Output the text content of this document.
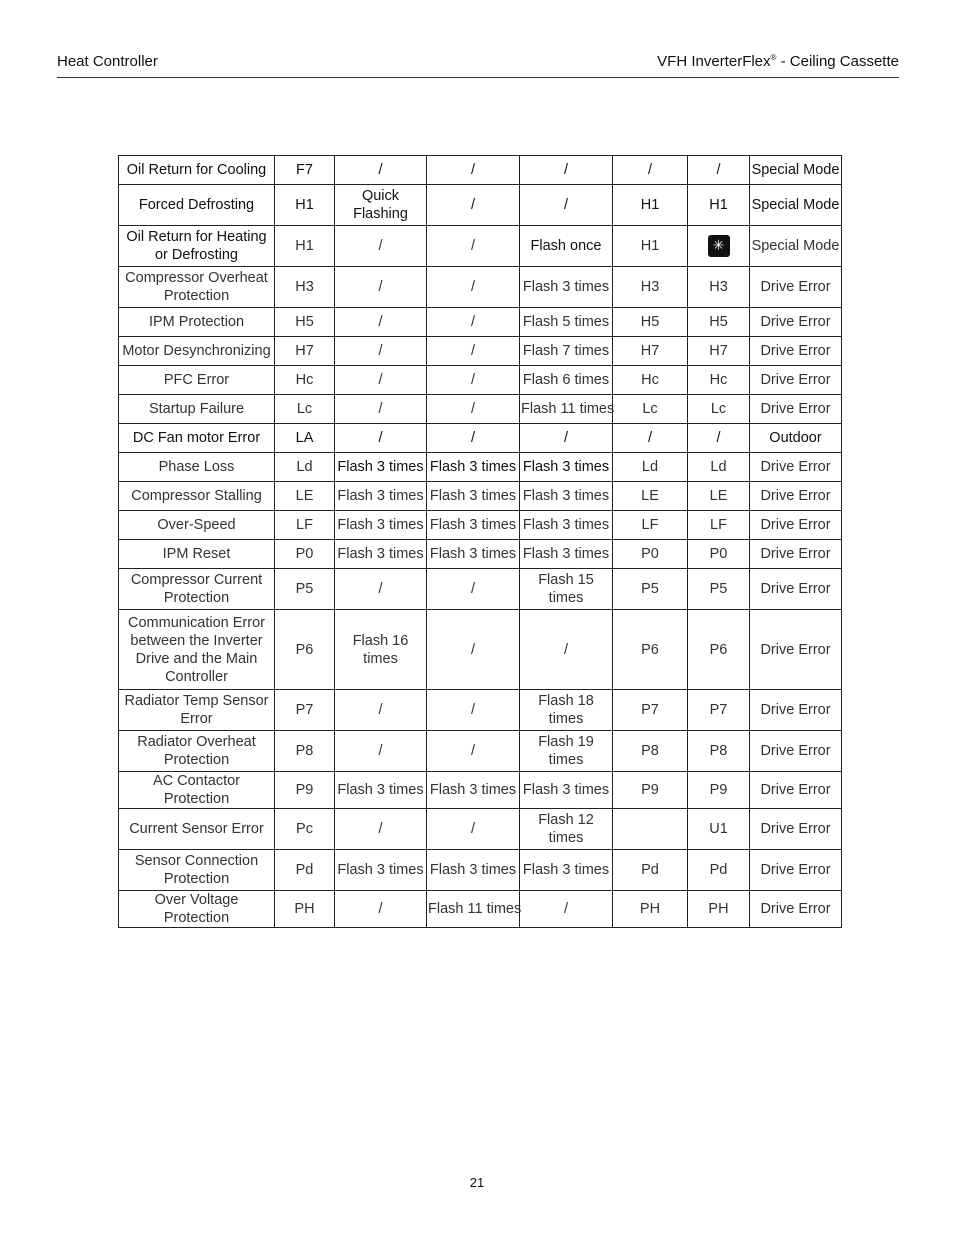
Heat Controller	VFH InverterFlex® - Ceiling Cassette
Oil Return for Cooling	F7	/	/	/	/	/	Special Mode
Forced Defrosting	H1	Quick Flashing	/	/	H1	H1	Special Mode
Oil Return for Heating or Defrosting	H1	/	/	Flash once	H1	✳	Special Mode
Compressor Overheat Protection	H3	/	/	Flash 3 times	H3	H3	Drive Error
IPM Protection	H5	/	/	Flash 5 times	H5	H5	Drive Error
Motor Desynchronizing	H7	/	/	Flash 7 times	H7	H7	Drive Error
PFC Error	Hc	/	/	Flash 6 times	Hc	Hc	Drive Error
Startup Failure	Lc	/	/	Flash 11 times	Lc	Lc	Drive Error
DC Fan motor Error	LA	/	/	/	/	/	Outdoor
Phase Loss	Ld	Flash 3 times	Flash 3 times	Flash 3 times	Ld	Ld	Drive Error
Compressor Stalling	LE	Flash 3 times	Flash 3 times	Flash 3 times	LE	LE	Drive Error
Over-Speed	LF	Flash 3 times	Flash 3 times	Flash 3 times	LF	LF	Drive Error
IPM Reset	P0	Flash 3 times	Flash 3 times	Flash 3 times	P0	P0	Drive Error
Compressor Current Protection	P5	/	/	Flash 15 times	P5	P5	Drive Error
Communication Error between the Inverter Drive and the Main Controller	P6	Flash 16 times	/	/	P6	P6	Drive Error
Radiator Temp Sensor Error	P7	/	/	Flash 18 times	P7	P7	Drive Error
Radiator Overheat Protection	P8	/	/	Flash 19 times	P8	P8	Drive Error
AC Contactor Protection	P9	Flash 3 times	Flash 3 times	Flash 3 times	P9	P9	Drive Error
Current Sensor Error	Pc	/	/	Flash 12 times		U1	Drive Error
Sensor Connection Protection	Pd	Flash 3 times	Flash 3 times	Flash 3 times	Pd	Pd	Drive Error
Over Voltage Protection	PH	/	Flash 11 times	/	PH	PH	Drive Error
21
